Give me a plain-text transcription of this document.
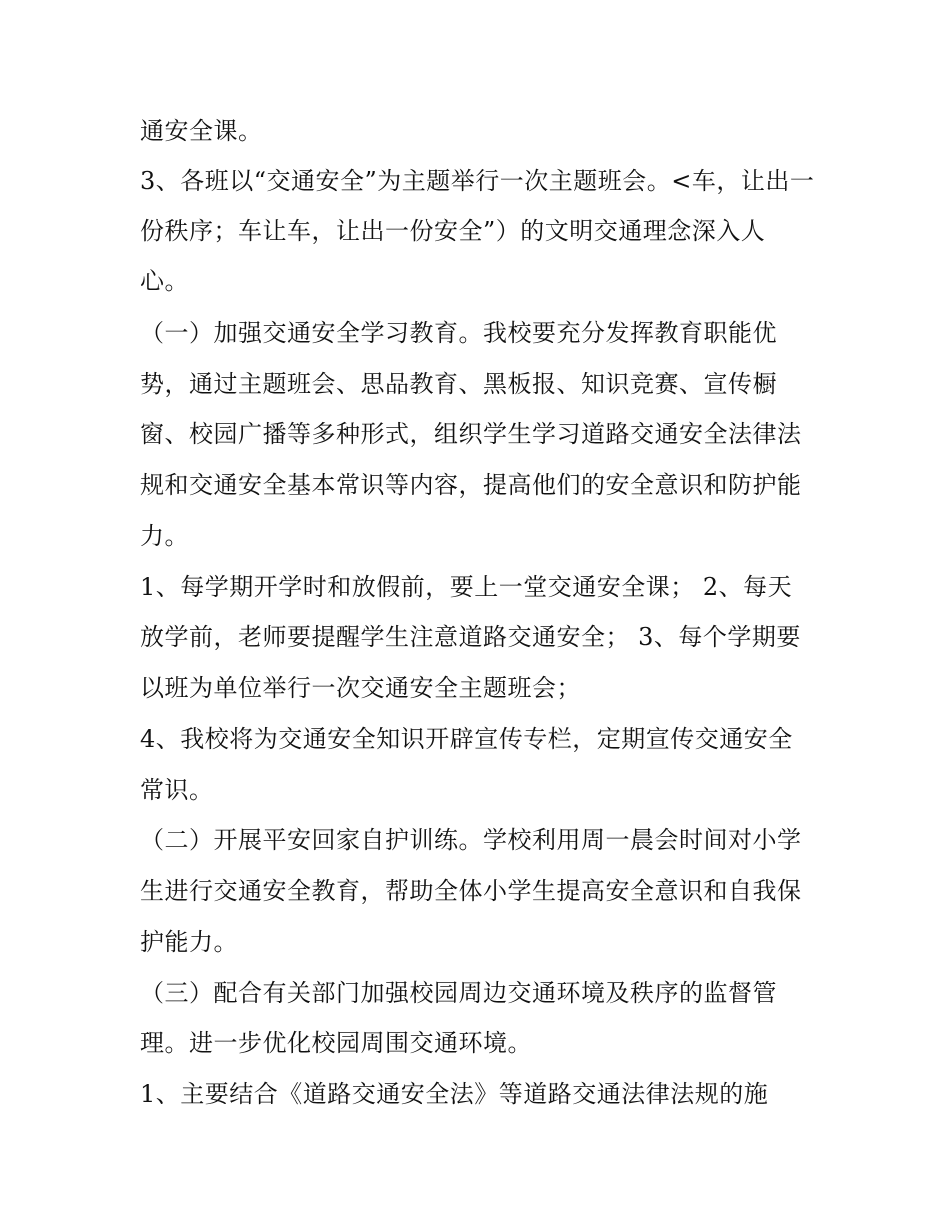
通安全课。
3、各班以“交通安全”为主题举行一次主题班会。<车，让出一
份秩序；车让车，让出一份安全”）的文明交通理念深入人
心。
（一）加强交通安全学习教育。我校要充分发挥教育职能优
势，通过主题班会、思品教育、黑板报、知识竞赛、宣传橱
窗、校园广播等多种形式，组织学生学习道路交通安全法律法
规和交通安全基本常识等内容，提高他们的安全意识和防护能
力。
1、每学期开学时和放假前，要上一堂交通安全课； 2、每天
放学前，老师要提醒学生注意道路交通安全； 3、每个学期要
以班为单位举行一次交通安全主题班会；
4、我校将为交通安全知识开辟宣传专栏，定期宣传交通安全
常识。
（二）开展平安回家自护训练。学校利用周一晨会时间对小学
生进行交通安全教育，帮助全体小学生提高安全意识和自我保
护能力。
（三）配合有关部门加强校园周边交通环境及秩序的监督管
理。进一步优化校园周围交通环境。
1、主要结合《道路交通安全法》等道路交通法律法规的施
